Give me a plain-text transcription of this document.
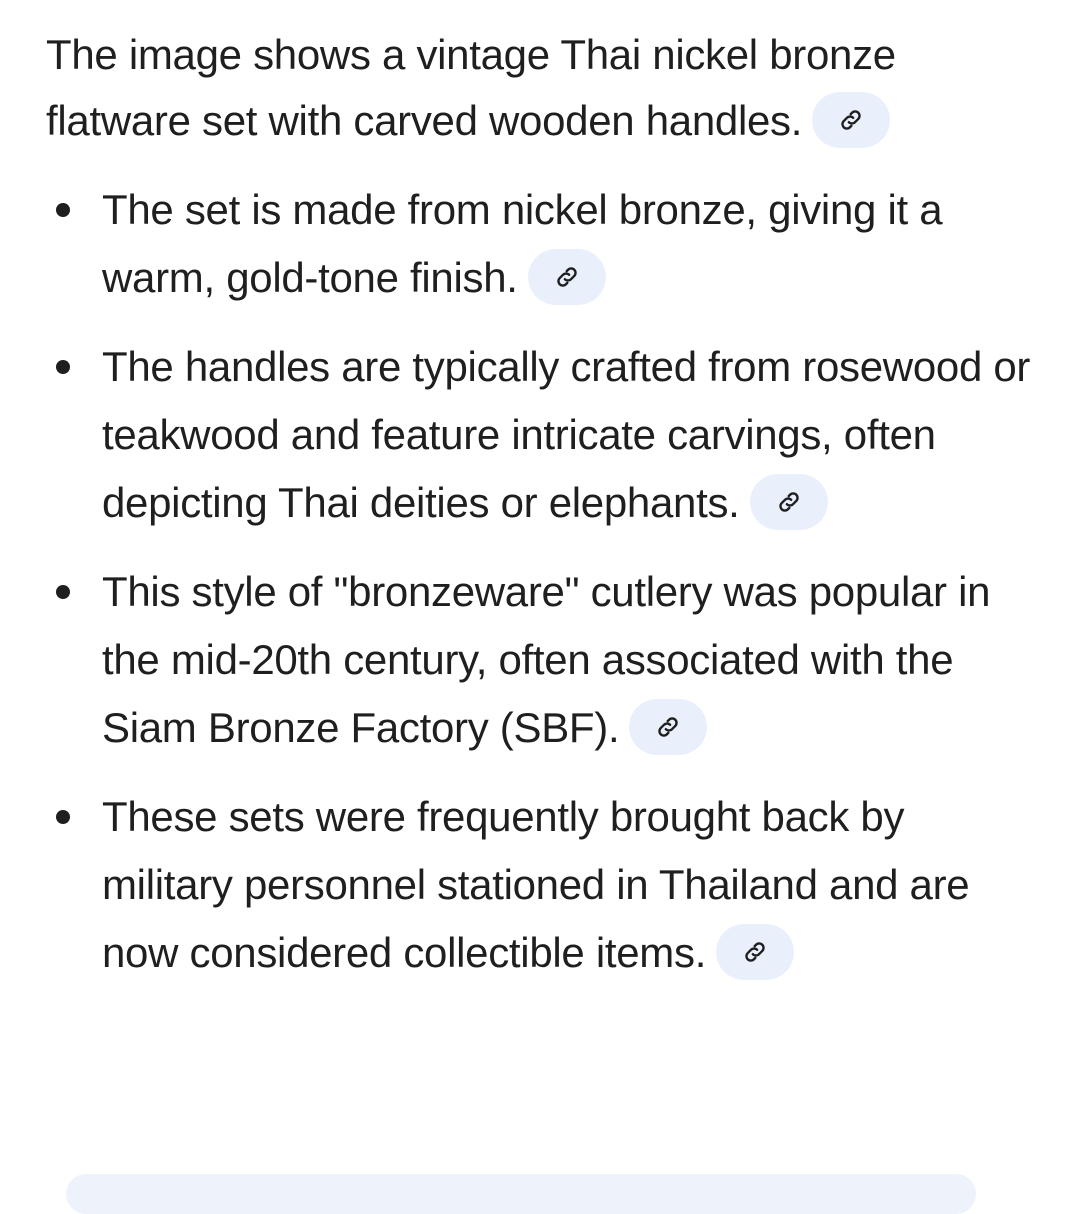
The image shows a vintage Thai nickel bronze flatware set with carved wooden handles.

The set is made from nickel bronze, giving it a warm, gold-tone finish.
The handles are typically crafted from rosewood or teakwood and feature intricate carvings, often depicting Thai deities or elephants.
This style of "bronzeware" cutlery was popular in the mid-20th century, often associated with the Siam Bronze Factory (SBF).
These sets were frequently brought back by military personnel stationed in Thailand and are now considered collectible items.
